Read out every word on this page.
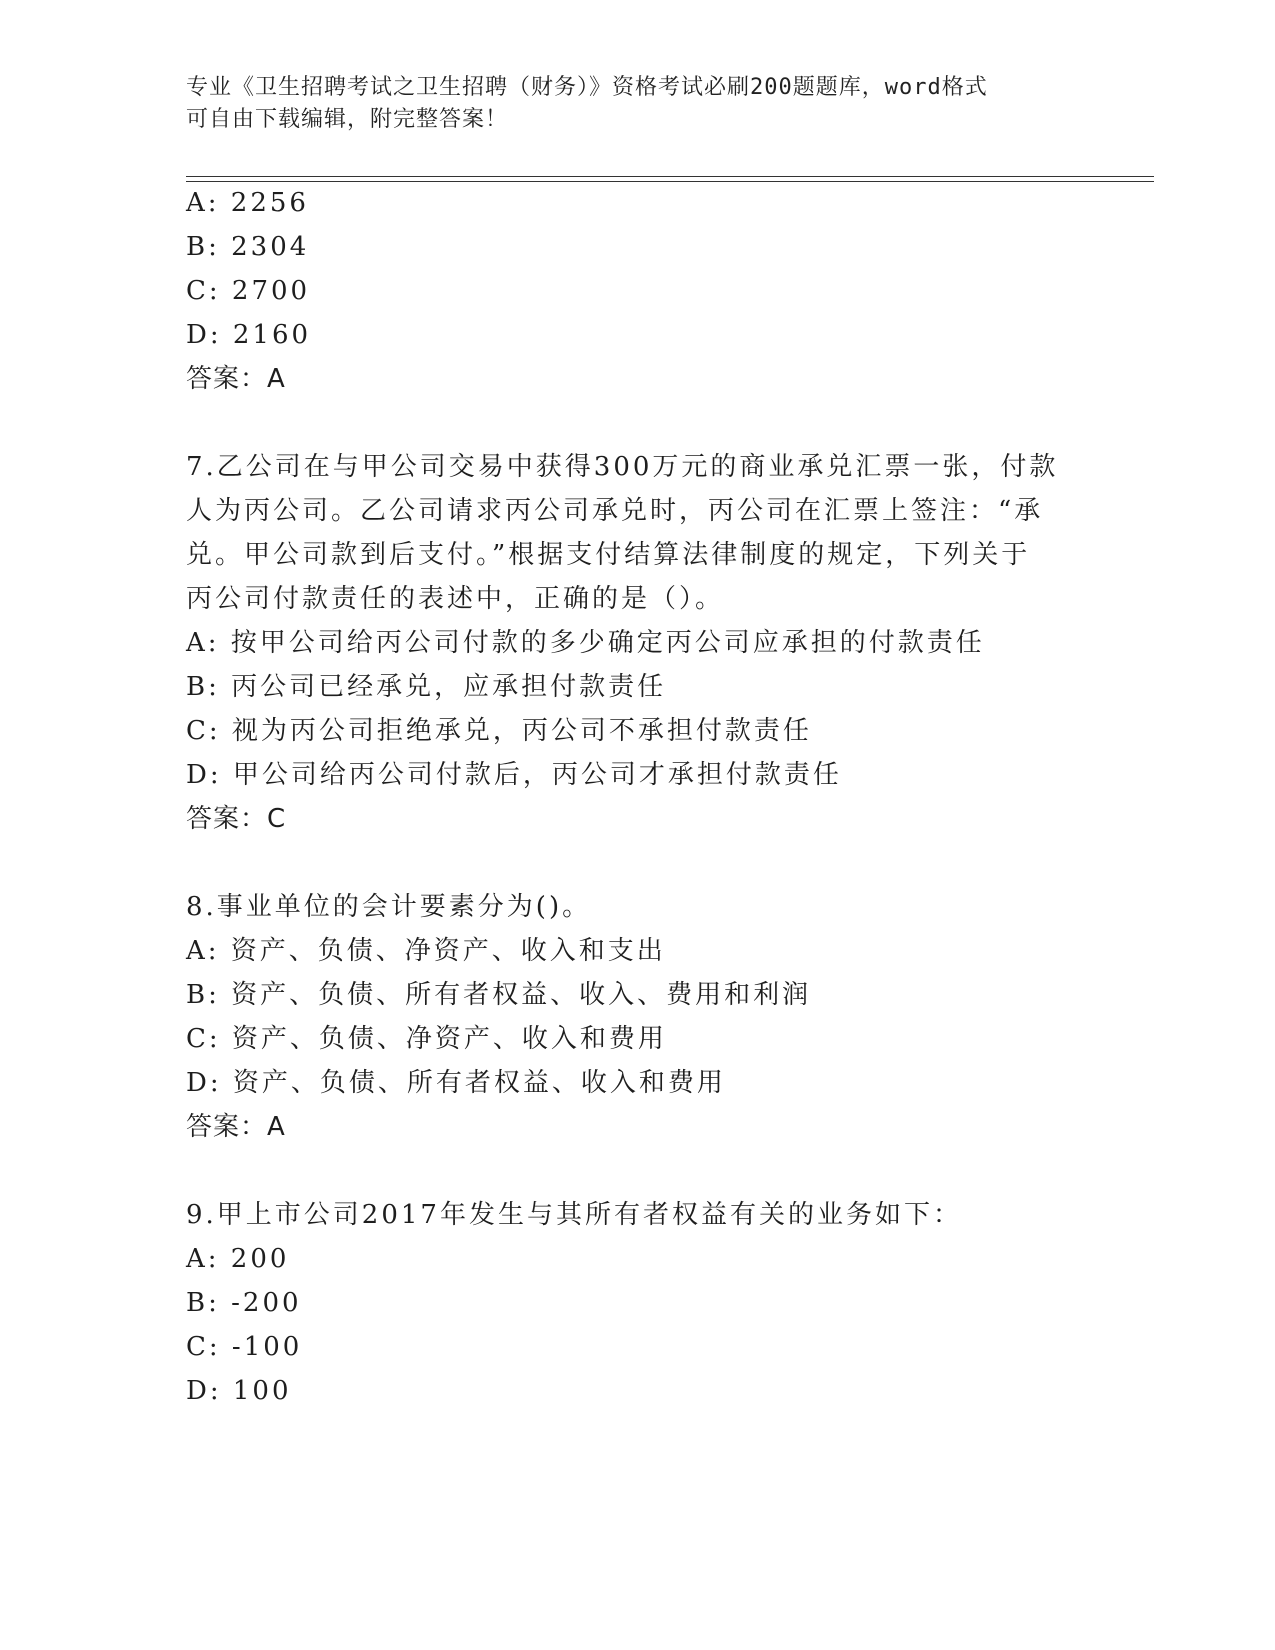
专业《卫生招聘考试之卫生招聘（财务）》资格考试必刷200题题库，word格式

可自由下载编辑，附完整答案！

A: 2256
B: 2304
C: 2700
D: 2160
答案：A
7.乙公司在与甲公司交易中获得300万元的商业承兑汇票一张，付款
人为丙公司。乙公司请求丙公司承兑时，丙公司在汇票上签注：“承
兑。甲公司款到后支付。”根据支付结算法律制度的规定，下列关于
丙公司付款责任的表述中，正确的是（）。
A: 按甲公司给丙公司付款的多少确定丙公司应承担的付款责任
B: 丙公司已经承兑，应承担付款责任
C: 视为丙公司拒绝承兑，丙公司不承担付款责任
D: 甲公司给丙公司付款后，丙公司才承担付款责任
答案：C
8.事业单位的会计要素分为()。
A: 资产、负债、净资产、收入和支出
B: 资产、负债、所有者权益、收入、费用和利润
C: 资产、负债、净资产、收入和费用
D: 资产、负债、所有者权益、收入和费用
答案：A
9.甲上市公司2017年发生与其所有者权益有关的业务如下：
A: 200
B: -200
C: -100
D: 100
